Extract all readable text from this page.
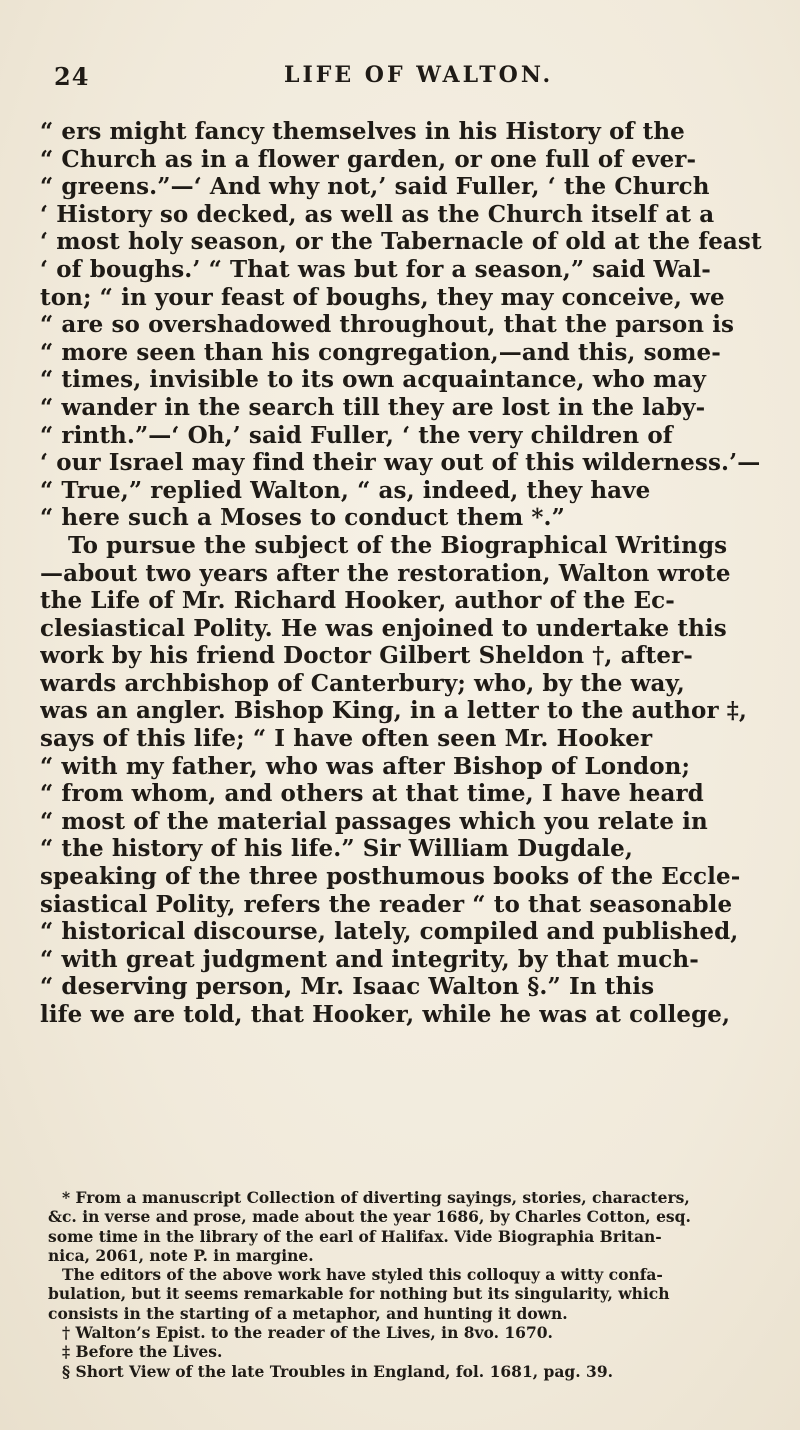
24	LIFE OF WALTON.
“ ers might fancy themselves in his History of the
“ Church as in a flower garden, or one full of ever-
“ greens.”—‘ And why not,’ said Fuller, ‘ the Church
‘ History so decked, as well as the Church itself at a
‘ most holy season, or the Tabernacle of old at the feast
‘ of boughs.’ “ That was but for a season,” said Wal-
ton; “ in your feast of boughs, they may conceive, we
“ are so overshadowed throughout, that the parson is
“ more seen than his congregation,—and this, some-
“ times, invisible to its own acquaintance, who may
“ wander in the search till they are lost in the laby-
“ rinth.”—‘ Oh,’ said Fuller, ‘ the very children of
‘ our Israel may find their way out of this wilderness.’—
“ True,” replied Walton, “ as, indeed, they have
“ here such a Moses to conduct them *.”
To pursue the subject of the Biographical Writings
—about two years after the restoration, Walton wrote
the Life of Mr. Richard Hooker, author of the Ec-
clesiastical Polity. He was enjoined to undertake this
work by his friend Doctor Gilbert Sheldon †, after-
wards archbishop of Canterbury; who, by the way,
was an angler. Bishop King, in a letter to the author ‡,
says of this life; “ I have often seen Mr. Hooker
“ with my father, who was after Bishop of London;
“ from whom, and others at that time, I have heard
“ most of the material passages which you relate in
“ the history of his life.” Sir William Dugdale,
speaking of the three posthumous books of the Eccle-
siastical Polity, refers the reader “ to that seasonable
“ historical discourse, lately, compiled and published,
“ with great judgment and integrity, by that much-
“ deserving person, Mr. Isaac Walton §.” In this
life we are told, that Hooker, while he was at college,
* From a manuscript Collection of diverting sayings, stories, characters,
&c. in verse and prose, made about the year 1686, by Charles Cotton, esq.
some time in the library of the earl of Halifax. Vide Biographia Britan-
nica, 2061, note P. in margine.
The editors of the above work have styled this colloquy a witty confa-
bulation, but it seems remarkable for nothing but its singularity, which
consists in the starting of a metaphor, and hunting it down.
† Walton’s Epist. to the reader of the Lives, in 8vo. 1670.
‡ Before the Lives.
§ Short View of the late Troubles in England, fol. 1681, pag. 39.
